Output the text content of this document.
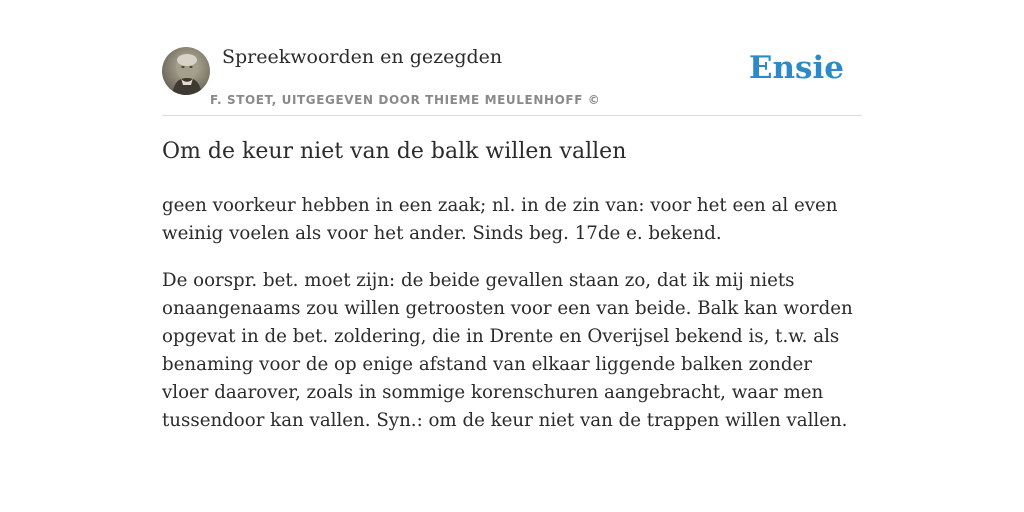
Spreekwoorden en gezegden
F. STOET, UITGEGEVEN DOOR THIEME MEULENHOFF ©
Ensie
Om de keur niet van de balk willen vallen

geen voorkeur hebben in een zaak; nl. in de zin van: voor het een al even weinig voelen als voor het ander. Sinds beg. 17de e. bekend.

De oorspr. bet. moet zijn: de beide gevallen staan zo, dat ik mij niets onaangenaams zou willen getroosten voor een van beide. Balk kan worden opgevat in de bet. zoldering, die in Drente en Overijsel bekend is, t.w. als benaming voor de op enige afstand van elkaar liggende balken zonder vloer daarover, zoals in sommige korenschuren aangebracht, waar men tussendoor kan vallen. Syn.: om de keur niet van de trappen willen vallen.
